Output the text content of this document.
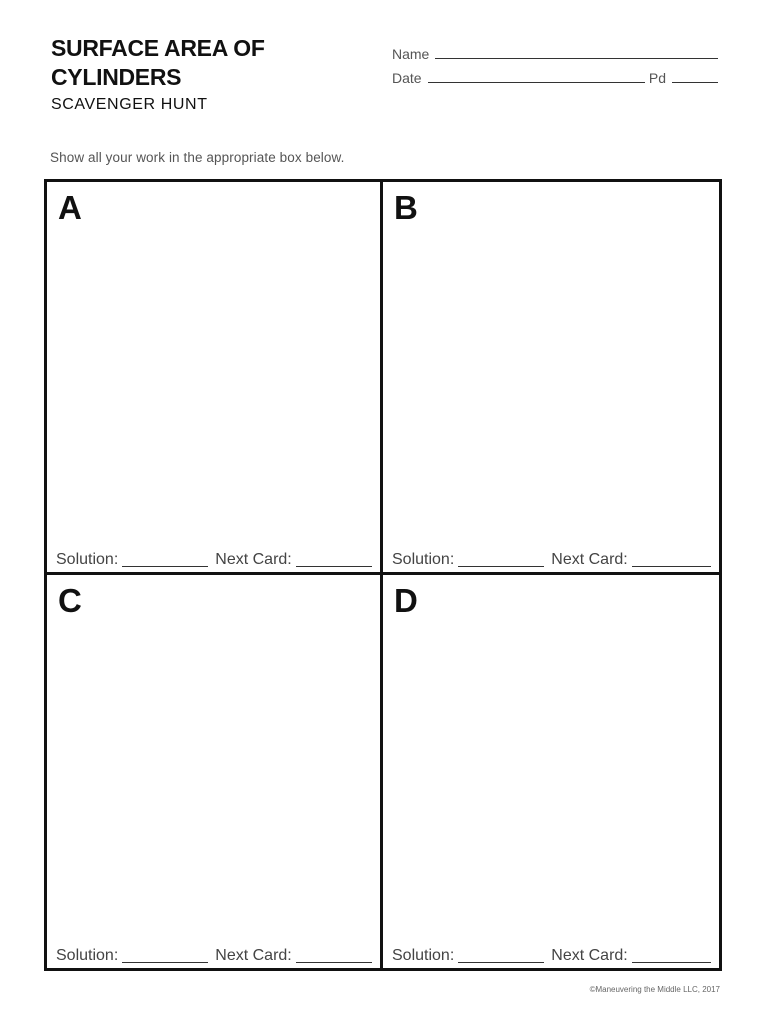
SURFACE AREA OF
CYLINDERS
SCAVENGER HUNT
Name
Date	Pd
Show all your work in the appropriate box below.
A
Solution:	Next Card:
B
Solution:	Next Card:
C
Solution:	Next Card:
D
Solution:	Next Card:
©Maneuvering the Middle LLC, 2017
